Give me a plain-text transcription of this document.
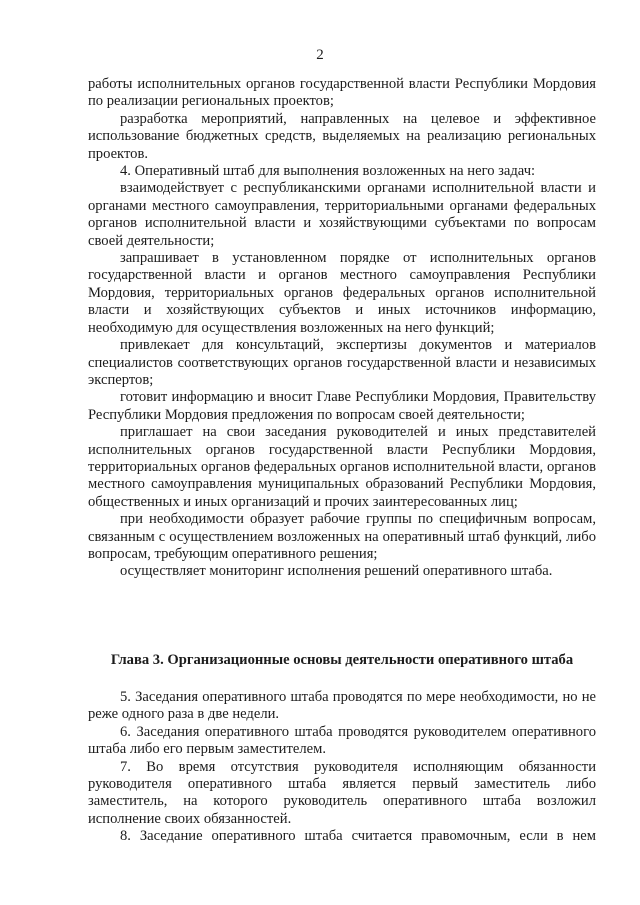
2

работы исполнительных органов государственной власти Республики Мордовия по реализации региональных проектов;

разработка мероприятий, направленных на целевое и эффективное использование бюджетных средств, выделяемых на реализацию региональных проектов.

4. Оперативный штаб для выполнения возложенных на него задач:

взаимодействует с республиканскими органами исполнительной власти и органами местного самоуправления, территориальными органами федеральных органов исполнительной власти и хозяйствующими субъектами по вопросам своей деятельности;

запрашивает в установленном порядке от исполнительных органов государственной власти и органов местного самоуправления Республики Мордовия, территориальных органов федеральных органов исполнительной власти и хозяйствующих субъектов и иных источников информацию, необходимую для осуществления возложенных на него функций;

привлекает для консультаций, экспертизы документов и материалов специалистов соответствующих органов государственной власти и независимых экспертов;

готовит информацию и вносит Главе Республики Мордовия, Правительству Республики Мордовия предложения по вопросам своей деятельности;

приглашает на свои заседания руководителей и иных представителей исполнительных органов государственной власти Республики Мордовия, территориальных органов федеральных органов исполнительной власти, органов местного самоуправления муниципальных образований Республики Мордовия, общественных и иных организаций и прочих заинтересованных лиц;

при необходимости образует рабочие группы по специфичным вопросам, связанным с осуществлением возложенных на оперативный штаб функций, либо вопросам, требующим оперативного решения;

осуществляет мониторинг исполнения решений оперативного штаба.

Глава 3. Организационные основы деятельности оперативного штаба

5. Заседания оперативного штаба проводятся по мере необходимости, но не реже одного раза в две недели.

6. Заседания оперативного штаба проводятся руководителем оперативного штаба либо его первым заместителем.

7. Во время отсутствия руководителя исполняющим обязанности руководителя оперативного штаба является первый заместитель либо заместитель, на которого руководитель оперативного штаба возложил исполнение своих обязанностей.

8. Заседание оперативного штаба считается правомочным, если в нем
